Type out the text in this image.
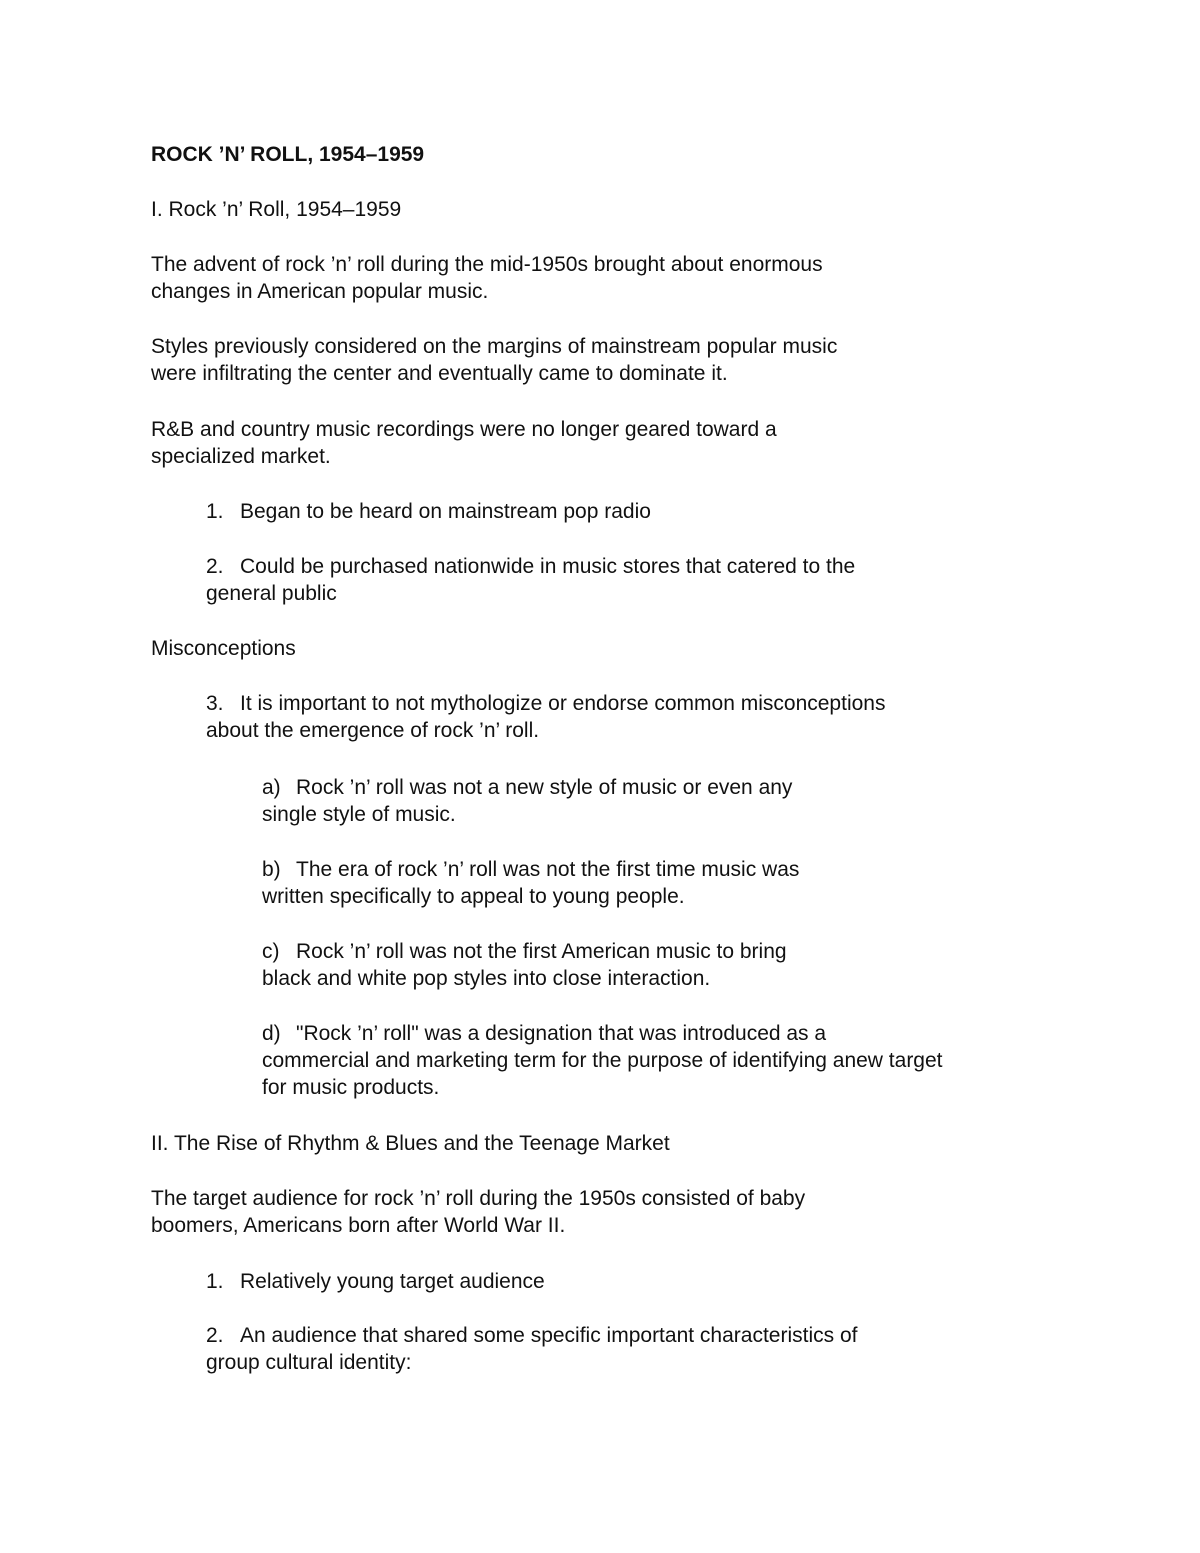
ROCK ’N’ ROLL, 1954–1959
I. Rock ’n’ Roll, 1954–1959
The advent of rock ’n’ roll during the mid-1950s brought about enormous
changes in American popular music.
Styles previously considered on the margins of mainstream popular music
were infiltrating the center and eventually came to dominate it.
R&B and country music recordings were no longer geared toward a
specialized market.
1. Began to be heard on mainstream pop radio
2. Could be purchased nationwide in music stores that catered to the
general public
Misconceptions
3. It is important to not mythologize or endorse common misconceptions
about the emergence of rock ’n’ roll.
a) Rock ’n’ roll was not a new style of music or even any
single style of music.
b) The era of rock ’n’ roll was not the first time music was
written specifically to appeal to young people.
c) Rock ’n’ roll was not the first American music to bring
black and white pop styles into close interaction.
d) "Rock ’n’ roll" was a designation that was introduced as a
commercial and marketing term for the purpose of identifying anew target
for music products.
II. The Rise of Rhythm & Blues and the Teenage Market
The target audience for rock ’n’ roll during the 1950s consisted of baby
boomers, Americans born after World War II.
1. Relatively young target audience
2. An audience that shared some specific important characteristics of
group cultural identity:
